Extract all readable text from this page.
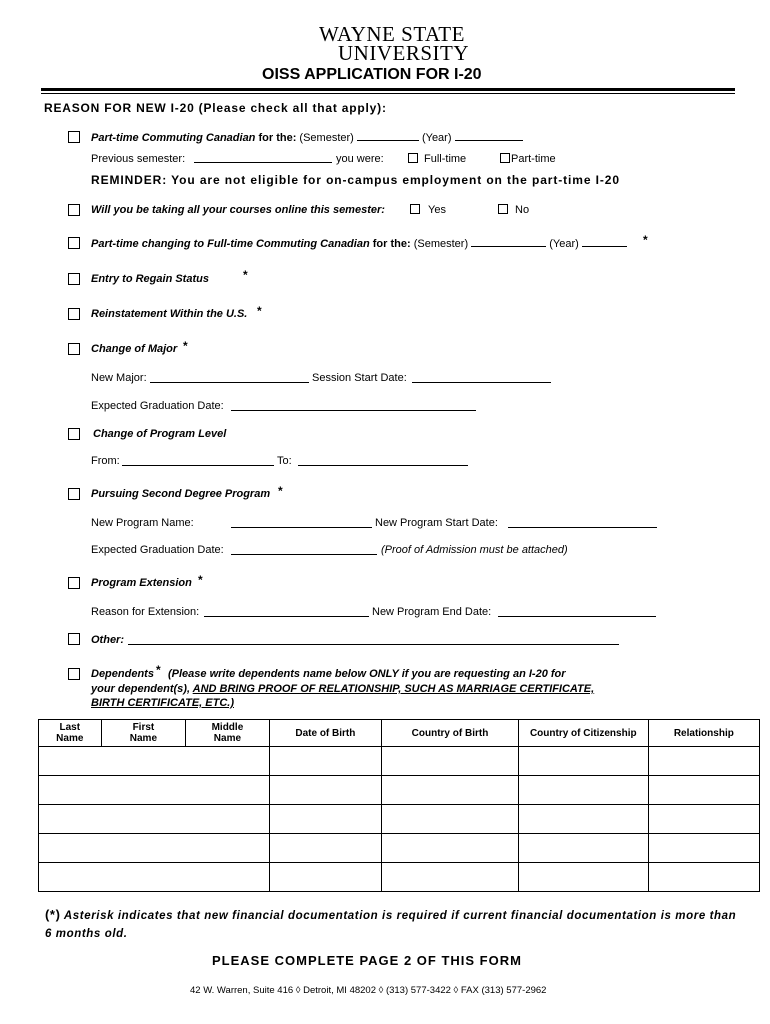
WAYNE STATE
UNIVERSITY
OISS APPLICATION FOR I-20
REASON FOR NEW I-20 (Please check all that apply):
Part-time Commuting Canadian for the: (Semester)	(Year)
Previous semester:	you were:	Full-time	Part-time
REMINDER: You are not eligible for on-campus employment on the part-time I-20
Will you be taking all your courses online this semester:	Yes	No
Part-time changing to Full-time Commuting Canadian for the: (Semester)	(Year)	*
Entry to Regain Status	*
Reinstatement Within the U.S. *
Change of Major *
New Major:	Session Start Date:
Expected Graduation Date:
Change of Program Level
From:	To:
Pursuing Second Degree Program *
New Program Name:	New Program Start Date:
Expected Graduation Date:	(Proof of Admission must be attached)
Program Extension *
Reason for Extension:	New Program End Date:
Other:
Dependents * (Please write dependents name below ONLY if you are requesting an I-20 for
your dependent(s), AND BRING PROOF OF RELATIONSHIP, SUCH AS MARRIAGE CERTIFICATE,
BIRTH CERTIFICATE, ETC.)
Last
Name	First
Name	Middle
Name	Date of Birth	Country of Birth	Country of Citizenship	Relationship

(*) Asterisk indicates that new financial documentation is required if current financial documentation is more than 6 months old.
PLEASE COMPLETE PAGE 2 OF THIS FORM
42 W. Warren, Suite 416 ◊ Detroit, MI 48202 ◊ (313) 577-3422 ◊ FAX (313) 577-2962
